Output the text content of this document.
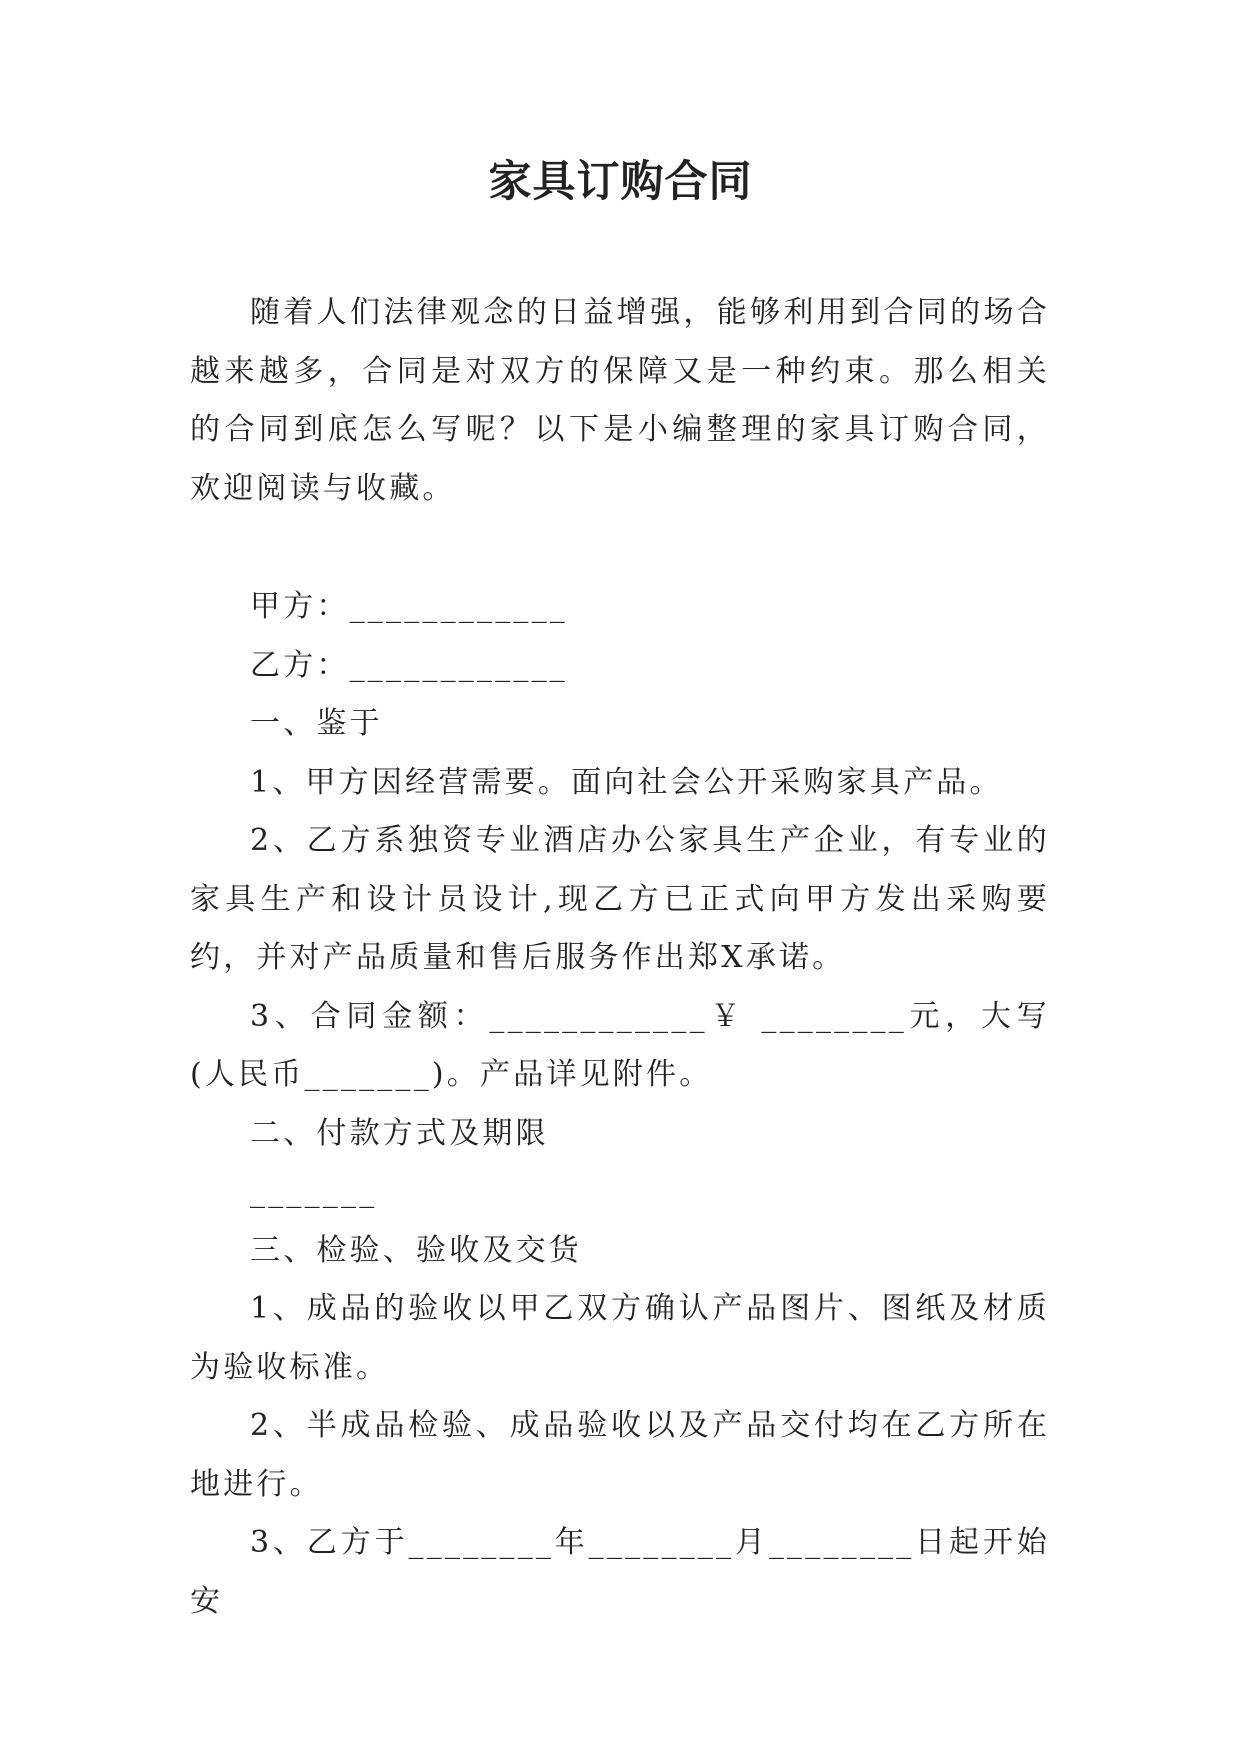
家具订购合同

随着人们法律观念的日益增强，能够利用到合同的场合越来越多，合同是对双方的保障又是一种约束。那么相关的合同到底怎么写呢？以下是小编整理的家具订购合同，欢迎阅读与收藏。

甲方：____________

乙方：____________

一、鉴于

1、甲方因经营需要。面向社会公开采购家具产品。

2、乙方系独资专业酒店办公家具生产企业，有专业的家具生产和设计员设计,现乙方已正式向甲方发出采购要约，并对产品质量和售后服务作出郑X承诺。

3、合同金额：____________￥ ________元，大写(人民币_______)。产品详见附件。

二、付款方式及期限

_______

三、检验、验收及交货

1、成品的验收以甲乙双方确认产品图片、图纸及材质为验收标准。

2、半成品检验、成品验收以及产品交付均在乙方所在地进行。

3、乙方于________年________月________日起开始安
